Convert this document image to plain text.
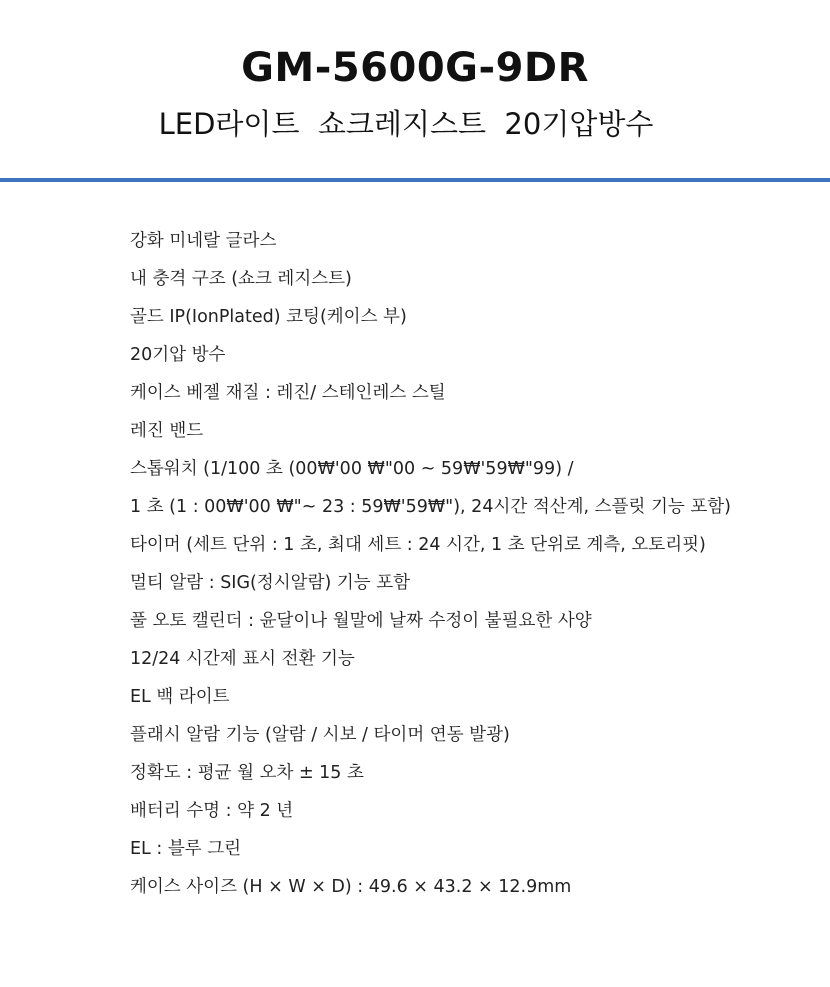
GM-5600G-9DR
LED라이트  쇼크레지스트  20기압방수
강화 미네랄 글라스
내 충격 구조 (쇼크 레지스트)
골드 IP(IonPlated) 코팅(케이스 부)
20기압 방수
케이스 베젤 재질 : 레진/ 스테인레스 스틸
레진 밴드
스톱워치 (1/100 초 (00₩'00 ₩"00 ~ 59₩'59₩"99) /
1 초 (1 : 00₩'00 ₩"~ 23 : 59₩'59₩"), 24시간 적산계, 스플릿 기능 포함)
타이머 (세트 단위 : 1 초, 최대 세트 : 24 시간, 1 초 단위로 계측, 오토리핏)
멀티 알람 : SIG(정시알람) 기능 포함
풀 오토 캘린더 : 윤달이나 월말에 날짜 수정이 불필요한 사양
12/24 시간제 표시 전환 기능
EL 백 라이트
플래시 알람 기능 (알람 / 시보 / 타이머 연동 발광)
정확도 : 평균 월 오차 ± 15 초
배터리 수명 : 약 2 년
EL : 블루 그린
케이스 사이즈 (H × W × D) : 49.6 × 43.2 × 12.9mm
